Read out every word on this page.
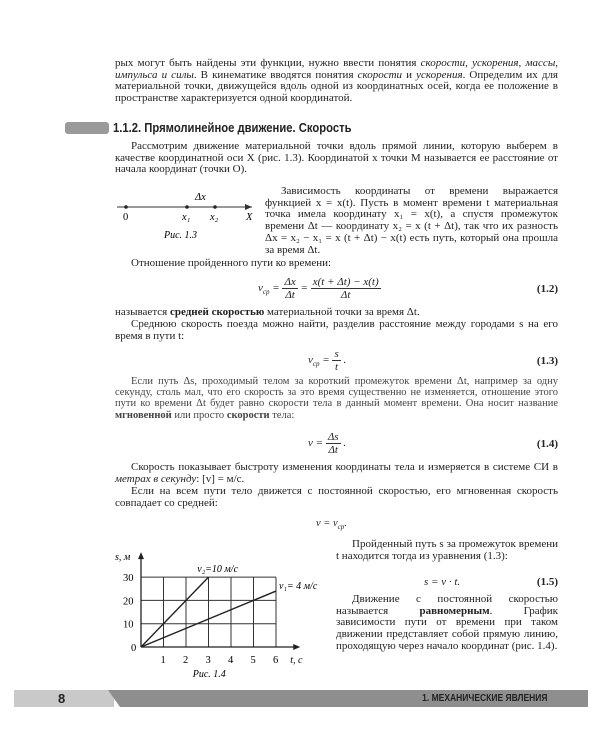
рых могут быть найдены эти функции, нужно ввести понятия скорости, ускорения, массы, импульса и силы. В кинематике вводятся понятия скорости и ускорения. Определим их для материальной точки, движущейся вдоль одной из координатных осей, когда ее положение в пространстве характеризуется одной координатой.
1.1.2. Прямолинейное движение. Скорость
Рассмотрим движение материальной точки вдоль прямой линии, которую выберем в качестве координатной оси X (рис. 1.3). Координатой x точки M называется ее расстояние от начала координат (точки O).
Δx
0	x₁ x₂	X
Рис. 1.3
Зависимость координаты от времени выражается функцией x = x(t). Пусть в момент времени t материальная точка имела координату x₁ = x(t), а спустя промежуток времени Δt — координату x₂ = x (t + Δt), так что их разность Δx = x₂ − x₁ = x (t + Δt) − x(t) есть путь, который она прошла за время Δt.
Отношение пройденного пути ко времени:
$v_{ср} = \frac{\Delta x}{\Delta t} = \frac{x(t + \Delta t) - x(t)}{\Delta t}$	(1.2)
называется средней скоростью материальной точки за время Δt.
Среднюю скорость поезда можно найти, разделив расстояние между городами s на его время в пути t:
$v_{ср} = \frac{s}{t}$ .	(1.3)
Если путь Δs, проходимый телом за короткий промежуток времени Δt, например за одну секунду, столь мал, что его скорость за это время существенно не изменяется, отношение этого пути ко времени Δt будет равно скорости тела в данный момент времени. Она носит название мгновенной или просто скорости тела:
$v = \frac{\Delta s}{\Delta t}$ .	(1.4)
Скорость показывает быстроту изменения координаты тела и измеряется в системе СИ в метрах в секунду: [v] = м/с.
Если на всем пути тело движется с постоянной скоростью, его мгновенная скорость совпадает со средней:
$v = v_{ср}$.
Пройденный путь s за промежуток времени t находится тогда из уравнения (1.3):
s = v · t.	(1.5)
Движение с постоянной скоростью называется равномерным. График зависимости пути от времени при таком движении представляет собой прямую линию, проходящую через начало координат (рис. 1.4).
1 2 3 4 5 6
0
10
20
30
s, м
t, с
v₂=10 м/с
v₁= 4 м/с
Рис. 1.4
8	1. МЕХАНИЧЕСКИЕ ЯВЛЕНИЯ
